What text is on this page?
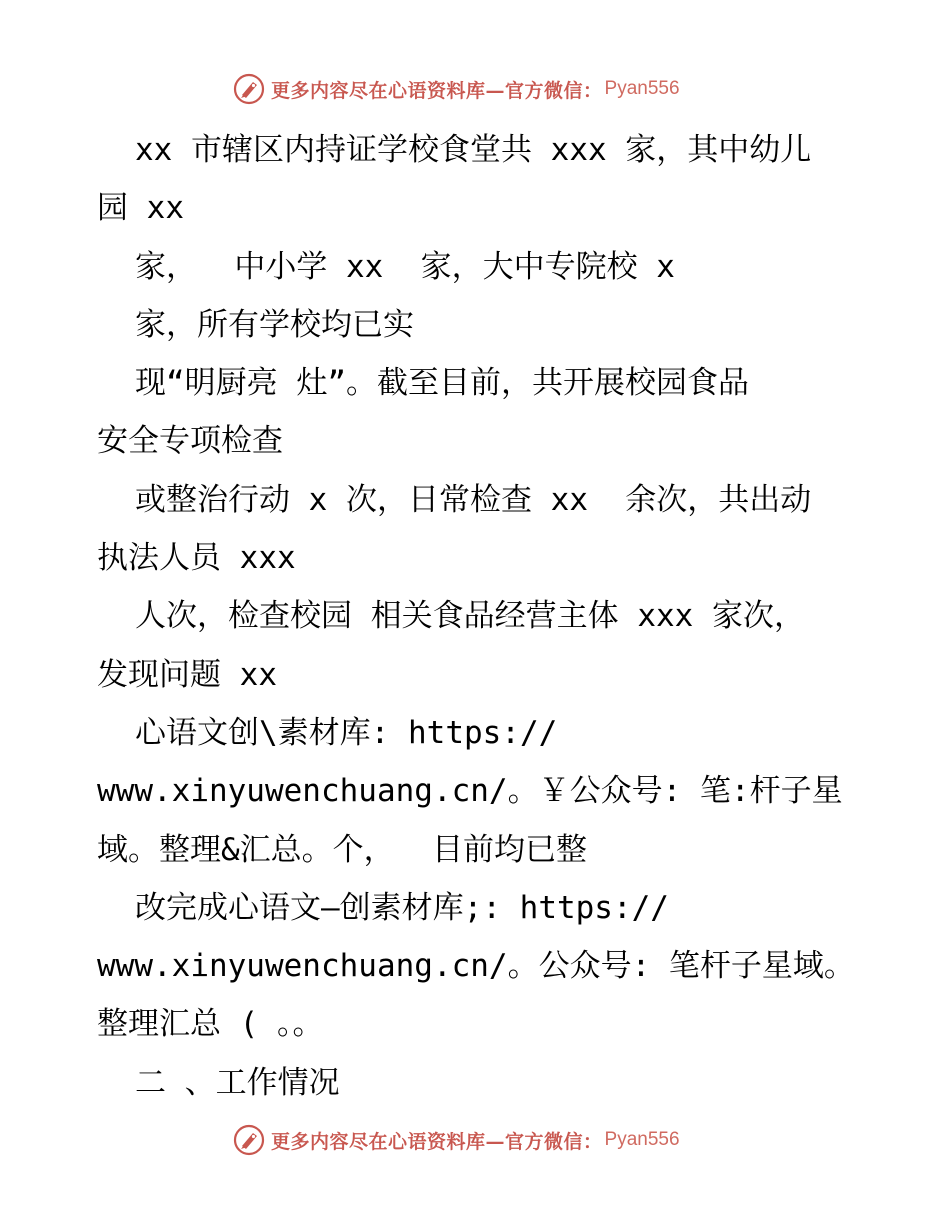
更多内容尽在心语资料库—官方微信： Pyan556
xx 市辖区内持证学校食堂共 xxx 家，其中幼儿
园 xx
家，  中小学 xx  家，大中专院校 x
家，所有学校均已实
现“明厨亮 灶”。截至目前，共开展校园食品
安全专项检查
或整治行动 x 次，日常检查 xx  余次，共出动
执法人员 xxx
人次，检查校园 相关食品经营主体 xxx 家次，
发现问题 xx
心语文创\素材库: https://
www.xinyuwenchuang.cn/。￥公众号: 笔:杆子星
域。整理&汇总。个，  目前均已整
改完成心语文—创素材库;: https://
www.xinyuwenchuang.cn/。公众号: 笔杆子星域。
整理汇总 ( 。。
二 、工作情况
更多内容尽在心语资料库—官方微信： Pyan556
